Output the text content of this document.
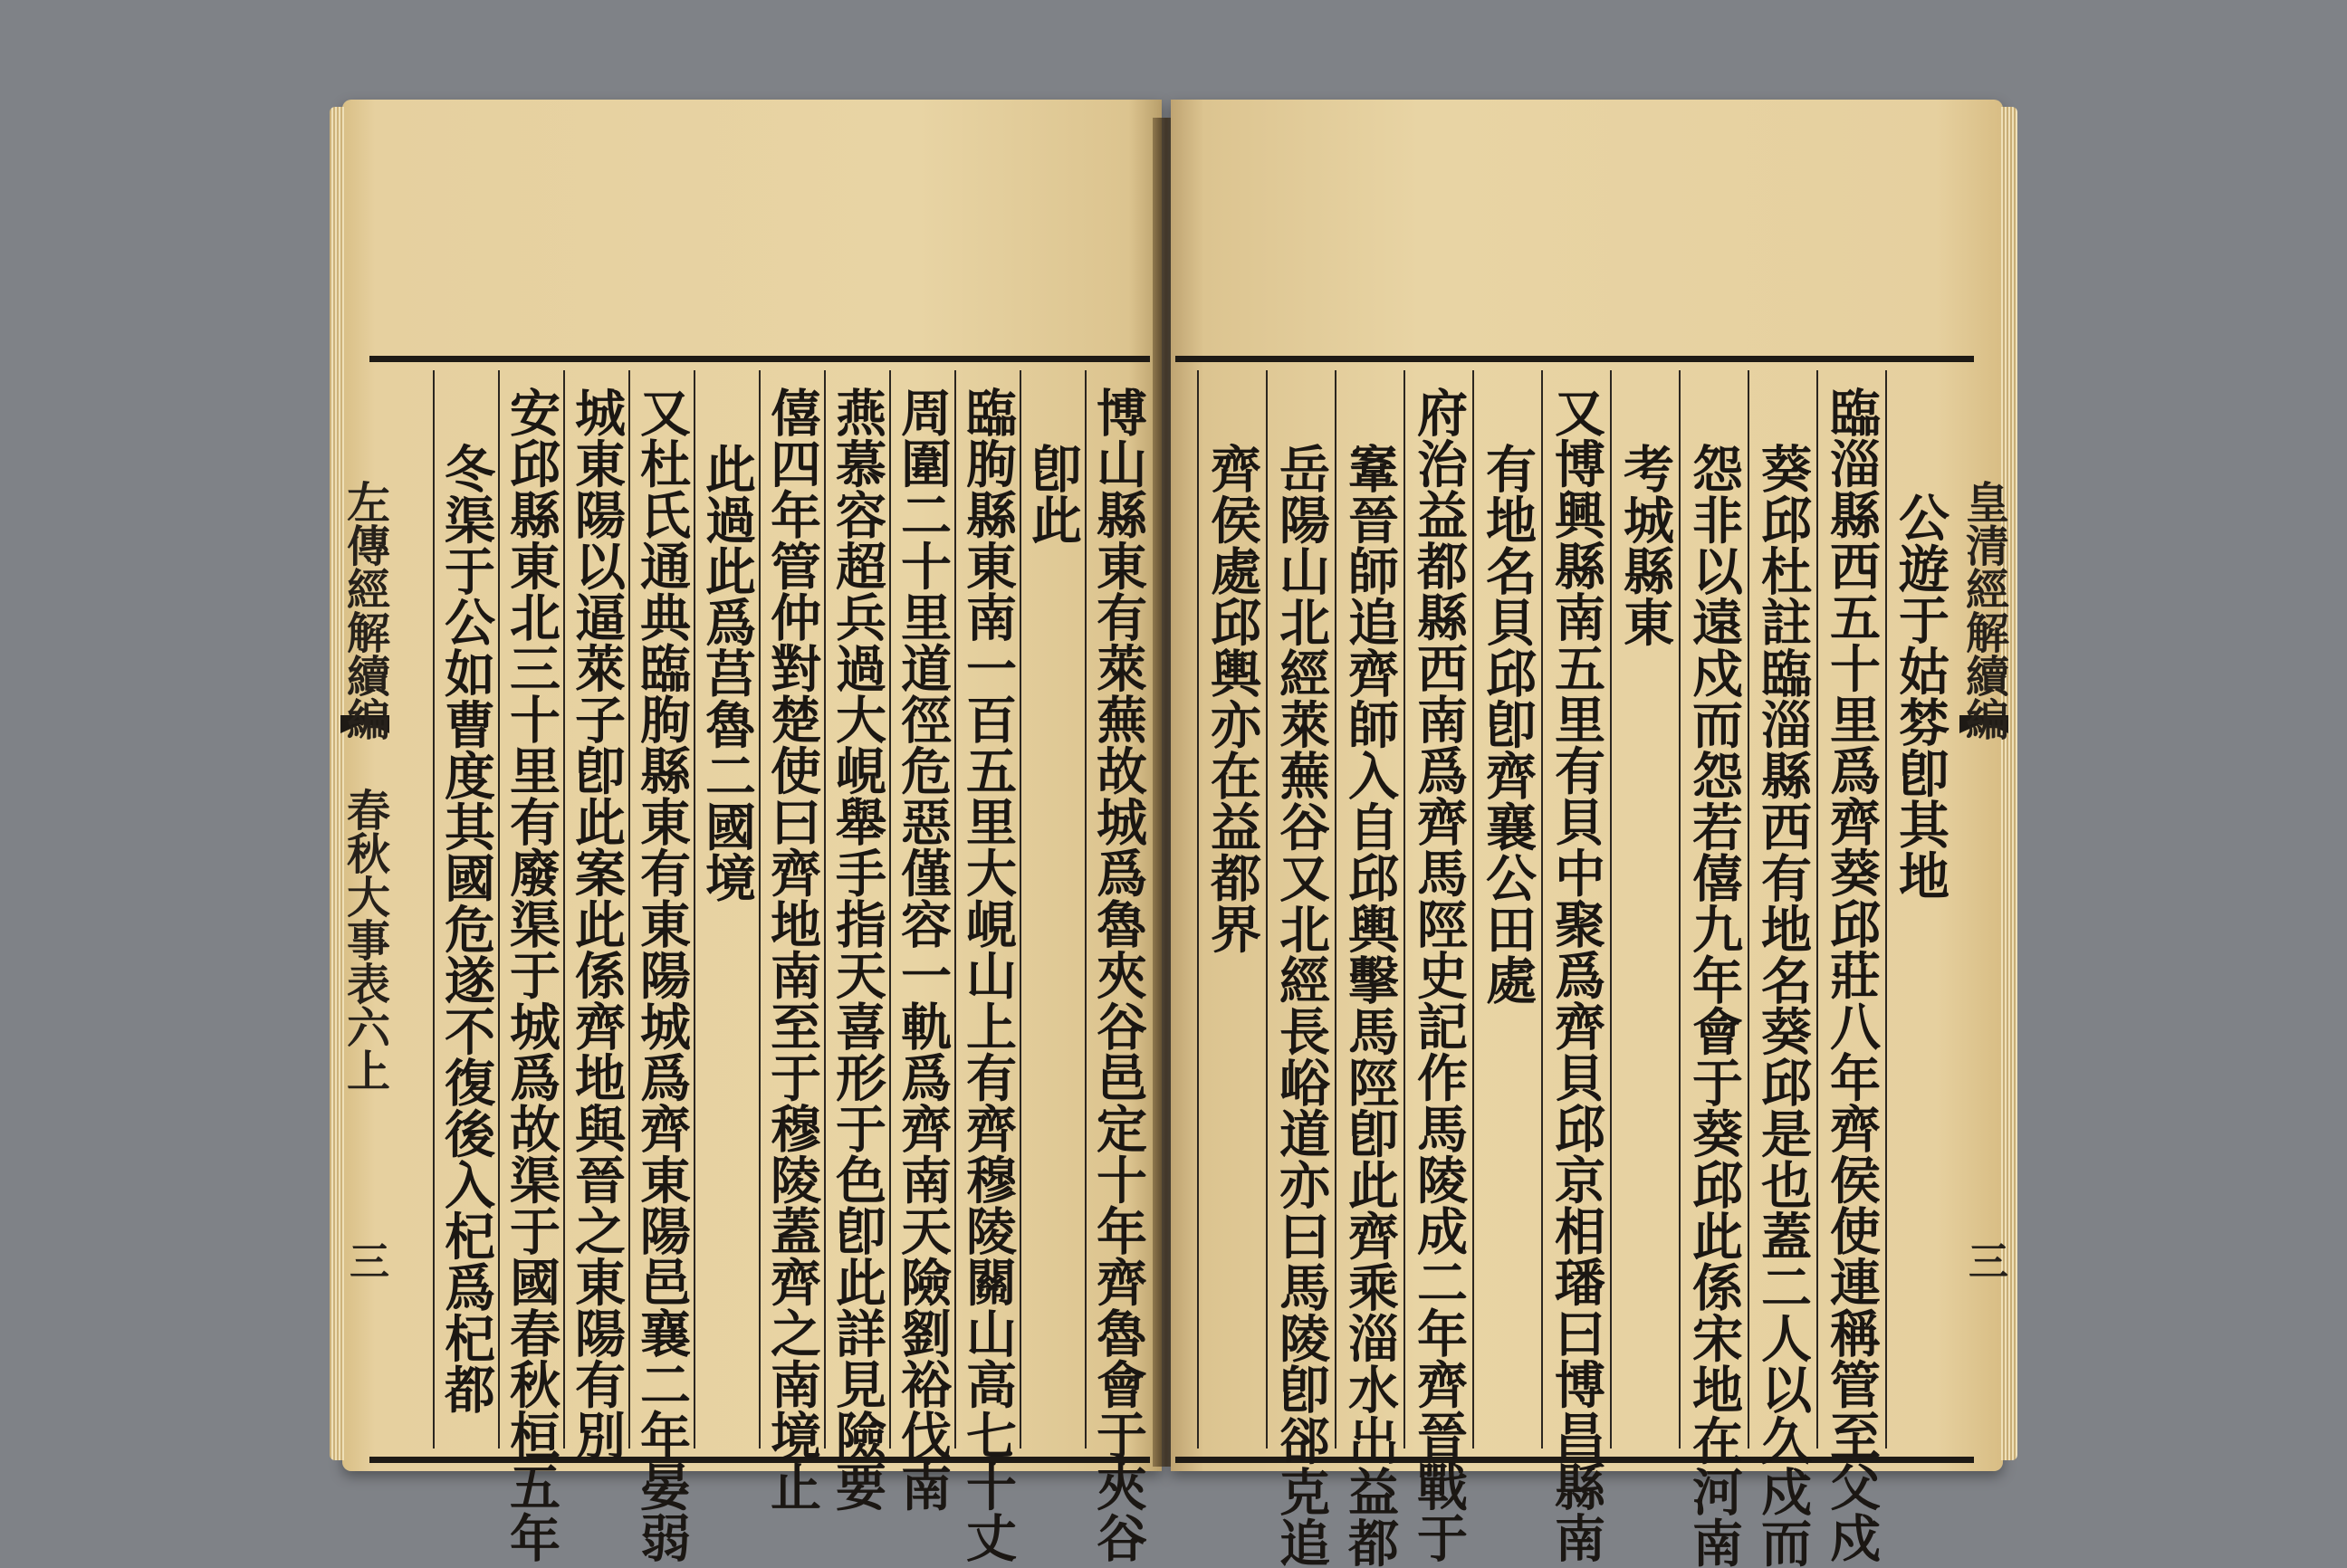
左傳經解續編
春秋大事表六上
三	博山縣東有萊蕪故城爲魯夾谷邑定十年齊魯會于夾谷
卽此
臨朐縣東南一百五里大峴山上有齊穆陵關山高七十丈
周圍二十里道徑危惡僅容一軌爲齊南天險劉裕伐南
燕慕容超兵過大峴舉手指天喜形于色卽此詳見險要
僖四年管仲對楚使曰齊地南至于穆陵蓋齊之南境止
此過此爲莒魯二國境
又杜氏通典臨朐縣東有東陽城爲齊東陽邑襄二年晏弱
城東陽以逼萊子卽此案此係齊地與晉之東陽有別
安邱縣東北三十里有廢渠于城爲故渠于國春秋桓五年
冬渠于公如曹度其國危遂不復後入杞爲杞都	皇清經解續編
三
公遊于姑棼卽其地
臨淄縣西五十里爲齊葵邱莊八年齊侯使連稱管至父戍
葵邱杜註臨淄縣西有地名葵邱是也蓋二人以久戍而
怨非以遠戍而怨若僖九年會于葵邱此係宋地在河南
考城縣東
又博興縣南五里有貝中聚爲齊貝邱京相璠曰博昌縣南
有地名貝邱卽齊襄公田處
府治益都縣西南爲齊馬陘史記作馬陵成二年齊晉戰于
鞌晉師追齊師入自邱輿擊馬陘卽此齊乘淄水出益都
岳陽山北經萊蕪谷又北經長峪道亦曰馬陵卽郤克追
齊侯處邱輿亦在益都界
